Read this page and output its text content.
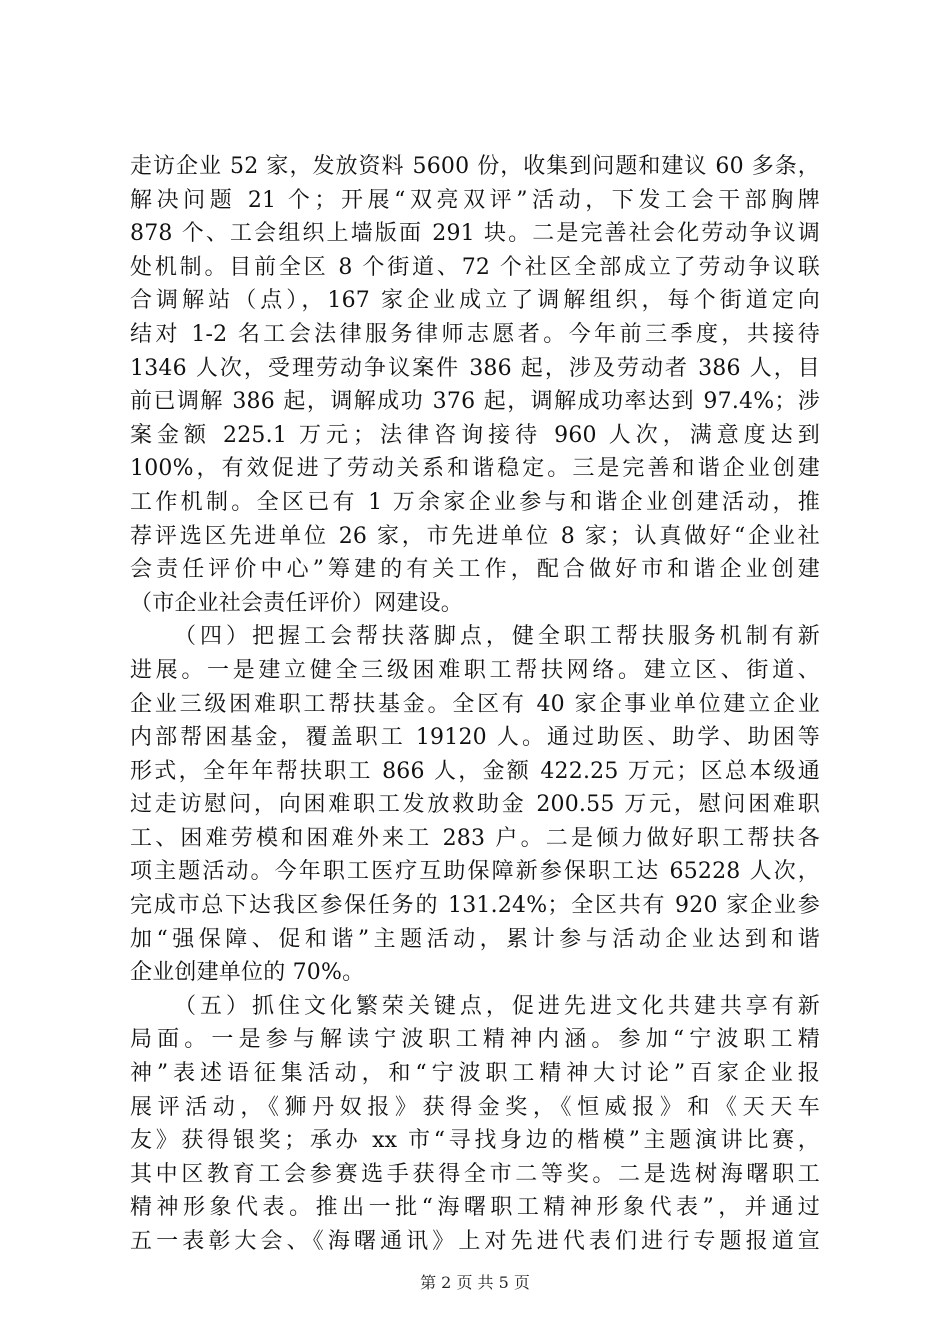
走访企业 52 家，发放资料 5600 份，收集到问题和建议 60 多条，
解决问题 21 个；开展“双亮双评”活动，下发工会干部胸牌
878 个、工会组织上墙版面 291 块。二是完善社会化劳动争议调
处机制。目前全区 8 个街道、72 个社区全部成立了劳动争议联
合调解站（点），167 家企业成立了调解组织，每个街道定向
结对 1-2 名工会法律服务律师志愿者。今年前三季度，共接待
1346 人次，受理劳动争议案件 386 起，涉及劳动者 386 人，目
前已调解 386 起，调解成功 376 起，调解成功率达到 97.4%；涉
案金额 225.1 万元；法律咨询接待 960 人次，满意度达到
100%，有效促进了劳动关系和谐稳定。三是完善和谐企业创建
工作机制。全区已有 1 万余家企业参与和谐企业创建活动，推
荐评选区先进单位 26 家，市先进单位 8 家；认真做好“企业社
会责任评价中心”筹建的有关工作，配合做好市和谐企业创建
（市企业社会责任评价）网建设。
（四）把握工会帮扶落脚点，健全职工帮扶服务机制有新
进展。一是建立健全三级困难职工帮扶网络。建立区、街道、
企业三级困难职工帮扶基金。全区有 40 家企事业单位建立企业
内部帮困基金，覆盖职工 19120 人。通过助医、助学、助困等
形式，全年年帮扶职工 866 人，金额 422.25 万元；区总本级通
过走访慰问，向困难职工发放救助金 200.55 万元，慰问困难职
工、困难劳模和困难外来工 283 户。二是倾力做好职工帮扶各
项主题活动。今年职工医疗互助保障新参保职工达 65228 人次，
完成市总下达我区参保任务的 131.24%；全区共有 920 家企业参
加“强保障、促和谐”主题活动，累计参与活动企业达到和谐
企业创建单位的 70%。
（五）抓住文化繁荣关键点，促进先进文化共建共享有新
局面。一是参与解读宁波职工精神内涵。参加“宁波职工精
神”表述语征集活动，和“宁波职工精神大讨论”百家企业报
展评活动，《狮丹奴报》获得金奖，《恒威报》和《天天车
友》获得银奖；承办 xx 市“寻找身边的楷模”主题演讲比赛，
其中区教育工会参赛选手获得全市二等奖。二是选树海曙职工
精神形象代表。推出一批“海曙职工精神形象代表”，并通过
五一表彰大会、《海曙通讯》上对先进代表们进行专题报道宣
第 2 页 共 5 页
